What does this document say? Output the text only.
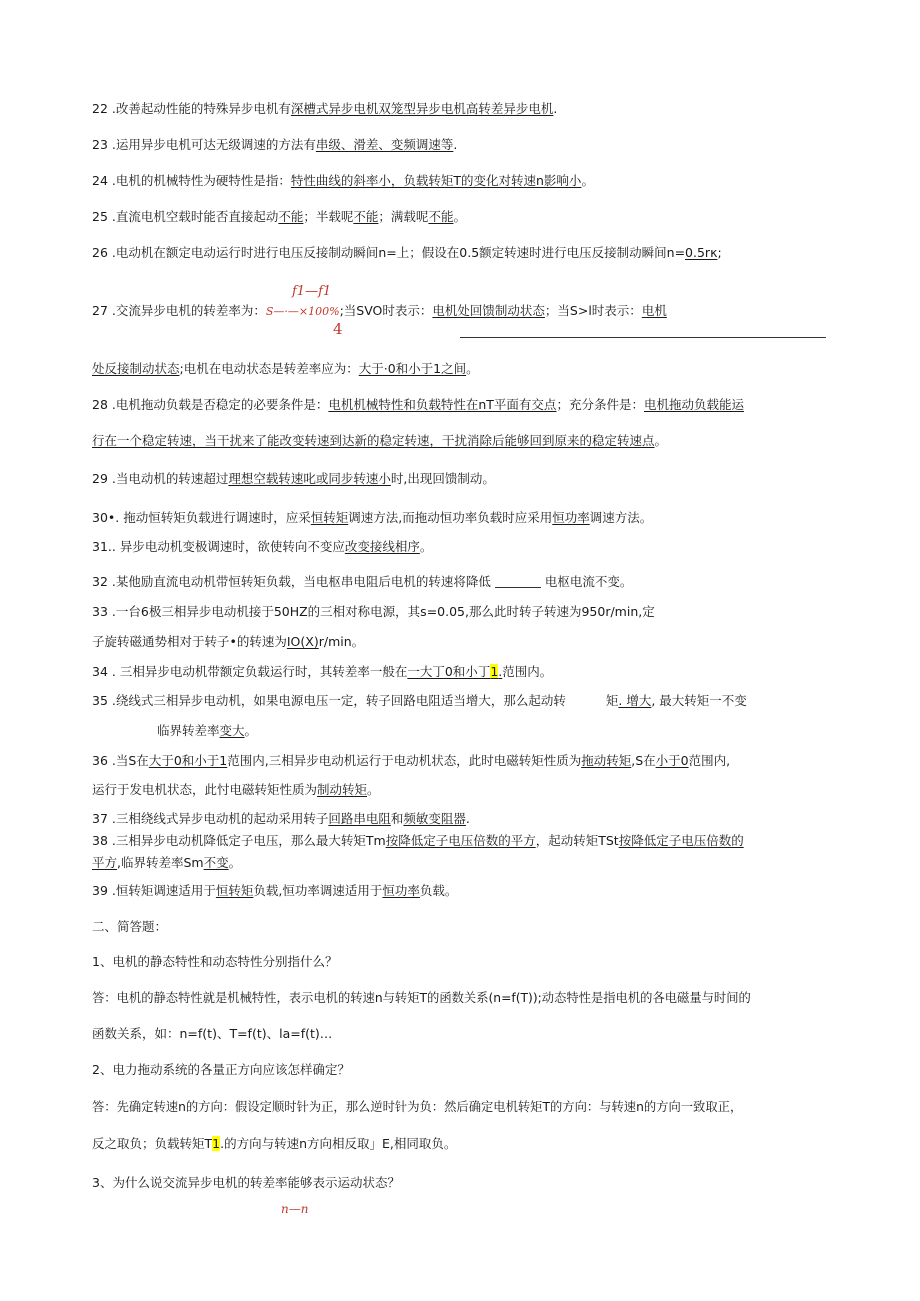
22 .改善起动性能的特殊异步电机有深槽式异步电机双笼型异步电机高转差异步电机.
23 .运用异步电机可达无级调速的方法有串级、滑差、变频调速等.
24 .电机的机械特性为硬特性是指：特性曲线的斜率小，负载转矩T的变化对转速n影响小。
25 .直流电机空载时能否直接起动不能；半载呢不能；满载呢不能。
26 .电动机在额定电动运行时进行电压反接制动瞬间n=上；假设在0.5额定转速时进行电压反接制动瞬间n=0.5rκ;
f1—f1
27 .交流异步电机的转差率为：S—·—×100%;当SVO时表示：电机处回馈制动状态；当S>l时表示：电机
4
处反接制动状态;电机在电动状态是转差率应为：大于·0和小于1之间。
28 .电机拖动负载是否稳定的必要条件是：电机机械特性和负载特性在nT平面有交点；充分条件是：电机拖动负载能运
行在一个稳定转速，当干扰来了能改变转速到达新的稳定转速，干扰消除后能够回到原来的稳定转速点。
29 .当电动机的转速超过理想空载转速叱或同步转速小时,出现回馈制动。
30•. 拖动恒转矩负载进行调速时，应采恒转矩调速方法,而拖动恒功率负载时应采用恒功率调速方法。
31.. 异步电动机变极调速时，欲使转向不变应改变接线相序。
32 .某他励直流电动机带恒转矩负载，当电枢串电阻后电机的转速将降低	电枢电流不变。
33 .一台6极三相异步电动机接于50HZ的三相对称电源，其s=0.05,那么此时转子转速为950r/min,定
子旋转磁通势相对于转子•的转速为IO(X)r/min。
34 . 三相异步电动机带额定负载运行时，其转差率一般在一大丁0和小丁1.范围内。
35 .绕线式三相异步电动机，如果电源电压一定，转子回路电阻适当增大，那么起动转	矩. 增大, 最大转矩一不变
临界转差率变大。
36 .当S在大于0和小于1范围内,三相异步电动机运行于电动机状态，此时电磁转矩性质为拖动转矩,S在小于0范围内,
运行于发电机状态，此忖电磁转矩性质为制动转矩。
37 .三相绕线式异步电动机的起动采用转子回路串电阻和频敏变阻器.
38 .三相异步电动机降低定子电压，那么最大转矩Tm按降低定子电压倍数的平方，起动转矩TSt按降低定子电压倍数的
平方,临界转差率Sm不变。
39 .恒转矩调速适用于恒转矩负载,恒功率调速适用于恒功率负载。
二、简答题：
1、电机的静态特性和动态特性分别指什么？
答：电机的静态特性就是机械特性，表示电机的转速n与转矩T的函数关系(n=f(T));动态特性是指电机的各电磁量与时间的
函数关系，如：n=f(t)、T=f(t)、la=f(t)…
2、电力拖动系统的各量正方向应该怎样确定？
答：先确定转速n的方向：假设定顺时针为正，那么逆时针为负：然后确定电机转矩T的方向：与转速n的方向一致取正，
反之取负；负载转矩T1.的方向与转速n方向相反取」E,相同取负。
3、为什么说交流异步电机的转差率能够表示运动状态？
n—n
